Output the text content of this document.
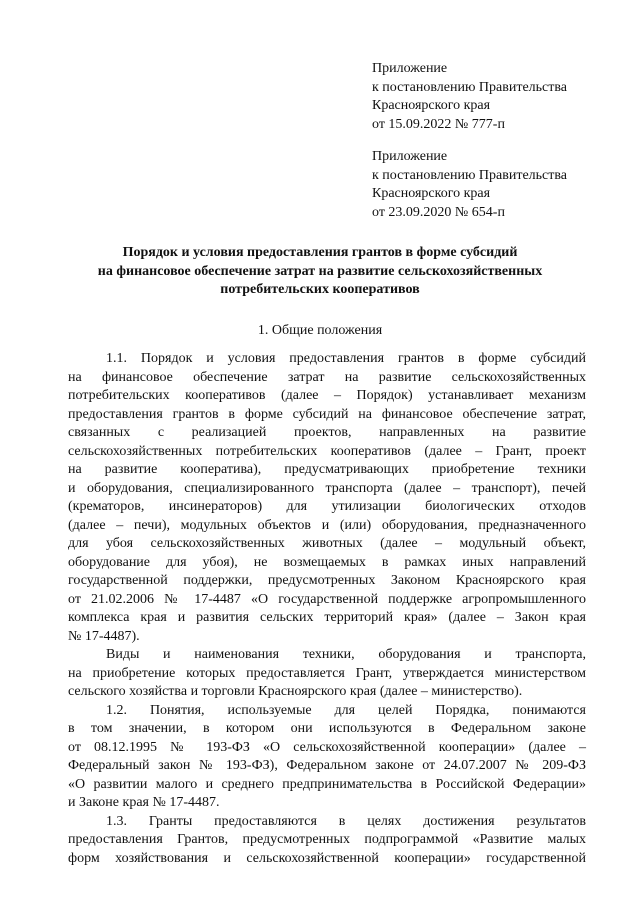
Приложение
к постановлению Правительства
Красноярского края
от 15.09.2022 № 777-п
Приложение
к постановлению Правительства
Красноярского края
от 23.09.2020 № 654-п
Порядок и условия предоставления грантов в форме субсидий
на финансовое обеспечение затрат на развитие сельскохозяйственных
потребительских кооперативов
1. Общие положения
1.1. Порядок и условия предоставления грантов в форме субсидий
на финансовое обеспечение затрат на развитие сельскохозяйственных
потребительских кооперативов (далее – Порядок) устанавливает механизм
предоставления грантов в форме субсидий на финансовое обеспечение затрат,
связанных с реализацией проектов, направленных на развитие
сельскохозяйственных потребительских кооперативов (далее – Грант, проект
на развитие кооператива), предусматривающих приобретение техники
и оборудования, специализированного транспорта (далее – транспорт), печей
(крематоров, инсинераторов) для утилизации биологических отходов
(далее – печи), модульных объектов и (или) оборудования, предназначенного
для убоя сельскохозяйственных животных (далее – модульный объект,
оборудование для убоя), не возмещаемых в рамках иных направлений
государственной поддержки, предусмотренных Законом Красноярского края
от 21.02.2006 № 17-4487 «О государственной поддержке агропромышленного
комплекса края и развития сельских территорий края» (далее – Закон края
№ 17-4487).
Виды и наименования техники, оборудования и транспорта,
на приобретение которых предоставляется Грант, утверждается министерством
сельского хозяйства и торговли Красноярского края (далее – министерство).
1.2. Понятия, используемые для целей Порядка, понимаются
в том значении, в котором они используются в Федеральном законе
от 08.12.1995 № 193-ФЗ «О сельскохозяйственной кооперации» (далее –
Федеральный закон № 193-ФЗ), Федеральном законе от 24.07.2007 № 209-ФЗ
«О развитии малого и среднего предпринимательства в Российской Федерации»
и Законе края № 17-4487.
1.3. Гранты предоставляются в целях достижения результатов
предоставления Грантов, предусмотренных подпрограммой «Развитие малых
форм хозяйствования и сельскохозяйственной кооперации» государственной
